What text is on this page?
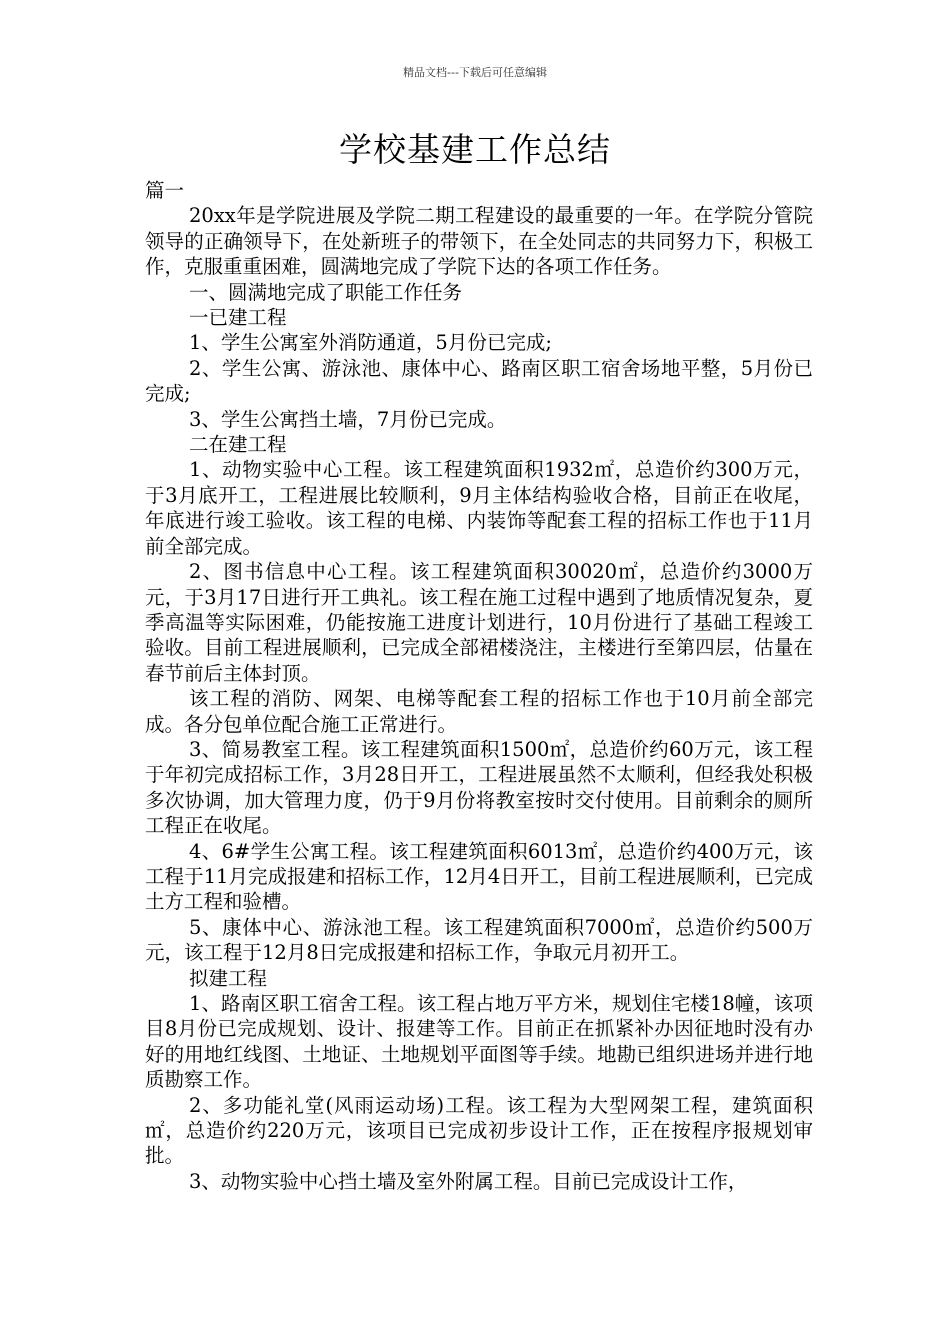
精品文档---下载后可任意编辑
学校基建工作总结

篇一

20xx年是学院进展及学院二期工程建设的最重要的一年。在学院分管院领导的正确领导下，在处新班子的带领下，在全处同志的共同努力下，积极工作，克服重重困难，圆满地完成了学院下达的各项工作任务。

一、圆满地完成了职能工作任务

一已建工程

1、学生公寓室外消防通道，5月份已完成;

2、学生公寓、游泳池、康体中心、路南区职工宿舍场地平整，5月份已完成;

3、学生公寓挡土墙，7月份已完成。

二在建工程

1、动物实验中心工程。该工程建筑面积1932㎡，总造价约300万元，于3月底开工，工程进展比较顺利，9月主体结构验收合格，目前正在收尾，年底进行竣工验收。该工程的电梯、内装饰等配套工程的招标工作也于11月前全部完成。

2、图书信息中心工程。该工程建筑面积30020㎡，总造价约3000万元，于3月17日进行开工典礼。该工程在施工过程中遇到了地质情况复杂，夏季高温等实际困难，仍能按施工进度计划进行，10月份进行了基础工程竣工验收。目前工程进展顺利，已完成全部裙楼浇注，主楼进行至第四层，估量在春节前后主体封顶。

该工程的消防、网架、电梯等配套工程的招标工作也于10月前全部完成。各分包单位配合施工正常进行。

3、简易教室工程。该工程建筑面积1500㎡，总造价约60万元，该工程于年初完成招标工作，3月28日开工，工程进展虽然不太顺利，但经我处积极多次协调，加大管理力度，仍于9月份将教室按时交付使用。目前剩余的厕所工程正在收尾。

4、6#学生公寓工程。该工程建筑面积6013㎡，总造价约400万元，该工程于11月完成报建和招标工作，12月4日开工，目前工程进展顺利，已完成土方工程和验槽。

5、康体中心、游泳池工程。该工程建筑面积7000㎡，总造价约500万元，该工程于12月8日完成报建和招标工作，争取元月初开工。

拟建工程

1、路南区职工宿舍工程。该工程占地万平方米，规划住宅楼18幢，该项目8月份已完成规划、设计、报建等工作。目前正在抓紧补办因征地时没有办好的用地红线图、土地证、土地规划平面图等手续。地勘已组织进场并进行地质勘察工作。

2、多功能礼堂(风雨运动场)工程。该工程为大型网架工程，建筑面积㎡，总造价约220万元，该项目已完成初步设计工作，正在按程序报规划审批。

3、动物实验中心挡土墙及室外附属工程。目前已完成设计工作，
